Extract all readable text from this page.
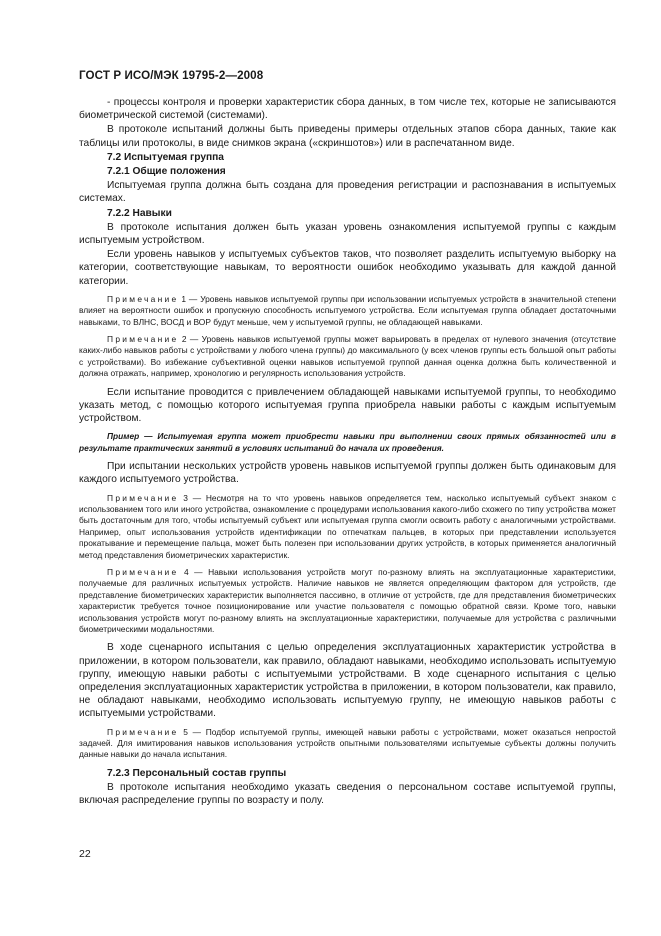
ГОСТ Р ИСО/МЭК 19795-2—2008

- процессы контроля и проверки характеристик сбора данных, в том числе тех, которые не записываются биометрической системой (системами).

В протоколе испытаний должны быть приведены примеры отдельных этапов сбора данных, такие как таблицы или протоколы, в виде снимков экрана («скриншотов») или в распечатанном виде.

7.2 Испытуемая группа
7.2.1 Общие положения

Испытуемая группа должна быть создана для проведения регистрации и распознавания в испытуемых системах.

7.2.2 Навыки

В протоколе испытания должен быть указан уровень ознакомления испытуемой группы с каждым испытуемым устройством.

Если уровень навыков у испытуемых субъектов таков, что позволяет разделить испытуемую выборку на категории, соответствующие навыкам, то вероятности ошибок необходимо указывать для каждой данной категории.

Примечание 1 — Уровень навыков испытуемой группы при использовании испытуемых устройств в значительной степени влияет на вероятности ошибок и пропускную способность испытуемого устройства. Если испытуемая группа обладает достаточными навыками, то ВЛНС, ВОСД и ВОР будут меньше, чем у испытуемой группы, не обладающей навыками.

Примечание 2 — Уровень навыков испытуемой группы может варьировать в пределах от нулевого значения (отсутствие каких-либо навыков работы с устройствами у любого члена группы) до максимального (у всех членов группы есть большой опыт работы с устройствами). Во избежание субъективной оценки навыков испытуемой группой данная оценка должна быть количественной и должна отражать, например, хронологию и регулярность использования устройств.

Если испытание проводится с привлечением обладающей навыками испытуемой группы, то необходимо указать метод, с помощью которого испытуемая группа приобрела навыки работы с каждым испытуемым устройством.

Пример — Испытуемая группа может приобрести навыки при выполнении своих прямых обязанностей или в результате практических занятий в условиях испытаний до начала их проведения.

При испытании нескольких устройств уровень навыков испытуемой группы должен быть одинаковым для каждого испытуемого устройства.

Примечание 3 — Несмотря на то что уровень навыков определяется тем, насколько испытуемый субъект знаком с использованием того или иного устройства, ознакомление с процедурами использования какого-либо схожего по типу устройства может быть достаточным для того, чтобы испытуемый субъект или испытуемая группа смогли освоить работу с аналогичными устройствами. Например, опыт использования устройств идентификации по отпечаткам пальцев, в которых при представлении используется прокатывание и перемещение пальца, может быть полезен при использовании других устройств, в которых применяется аналогичный метод представления биометрических характеристик.

Примечание 4 — Навыки использования устройств могут по-разному влиять на эксплуатационные характеристики, получаемые для различных испытуемых устройств. Наличие навыков не является определяющим фактором для устройств, где представление биометрических характеристик выполняется пассивно, в отличие от устройств, где для представления биометрических характеристик требуется точное позиционирование или участие пользователя с помощью обратной связи. Кроме того, навыки использования устройств могут по-разному влиять на эксплуатационные характеристики, получаемые для устройства с различными биометрическими модальностями.

В ходе сценарного испытания с целью определения эксплуатационных характеристик устройства в приложении, в котором пользователи, как правило, обладают навыками, необходимо использовать испытуемую группу, имеющую навыки работы с испытуемыми устройствами. В ходе сценарного испытания с целью определения эксплуатационных характеристик устройства в приложении, в котором пользователи, как правило, не обладают навыками, необходимо использовать испытуемую группу, не имеющую навыков работы с испытуемыми устройствами.

Примечание 5 — Подбор испытуемой группы, имеющей навыки работы с устройствами, может оказаться непростой задачей. Для имитирования навыков использования устройств опытными пользователями испытуемые субъекты должны получить данные навыки до начала испытания.

7.2.3 Персональный состав группы

В протоколе испытания необходимо указать сведения о персональном составе испытуемой группы, включая распределение группы по возрасту и полу.

22
